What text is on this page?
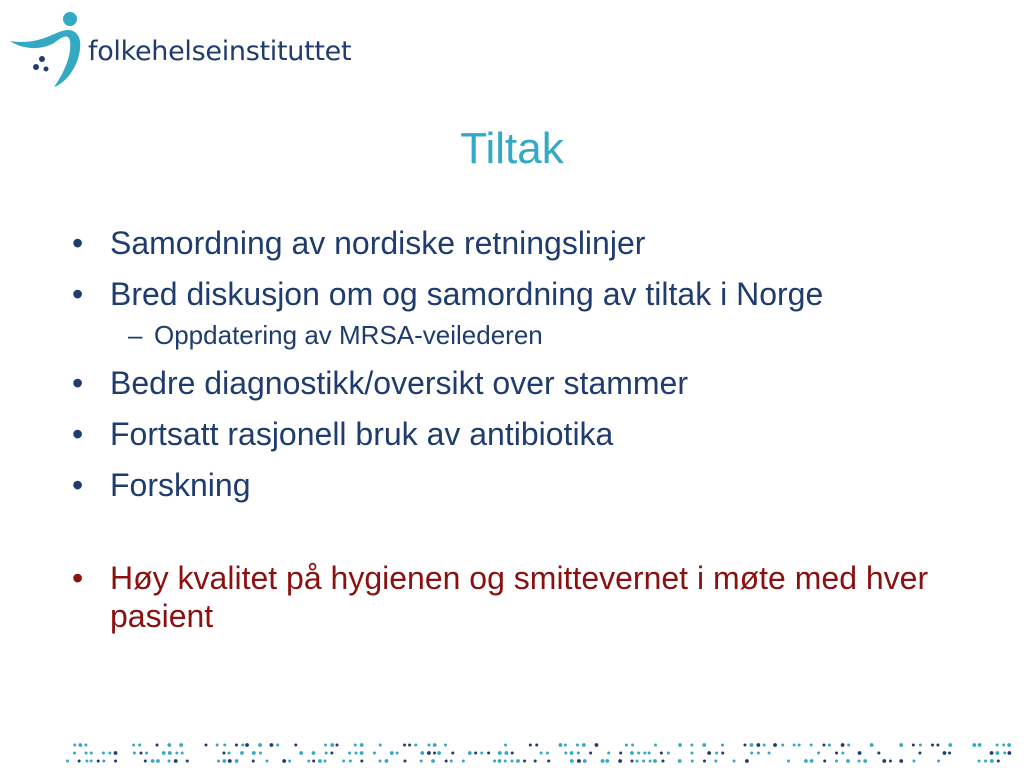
folkehelseinstituttet
Tiltak
• Samordning av nordiske retningslinjer
• Bred diskusjon om og samordning av tiltak i Norge
– Oppdatering av MRSA-veilederen
• Bedre diagnostikk/oversikt over stammer
• Fortsatt rasjonell bruk av antibiotika
• Forskning
• Høy kvalitet på hygienen og smittevernet i møte med hver pasient
